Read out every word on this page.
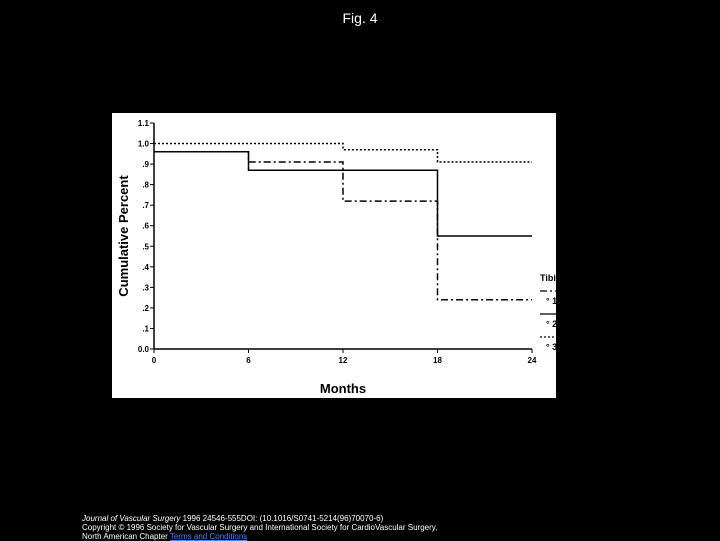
Fig. 4
0.0
.1
.2
.3
.4
.5
.6
.7
.8
.9
1.0
1.1
0	6	12	18	24
Months
Cumulative Percent	Tibial Runoff
° 1 Vessel
° 2 Vessel
° 3 Vessel
Journal of Vascular Surgery 1996 24546-555DOI: (10.1016/S0741-5214(96)70070-6)
Copyright © 1996 Society for Vascular Surgery and International Society for CardioVascular Surgery,
North American Chapter Terms and Conditions
